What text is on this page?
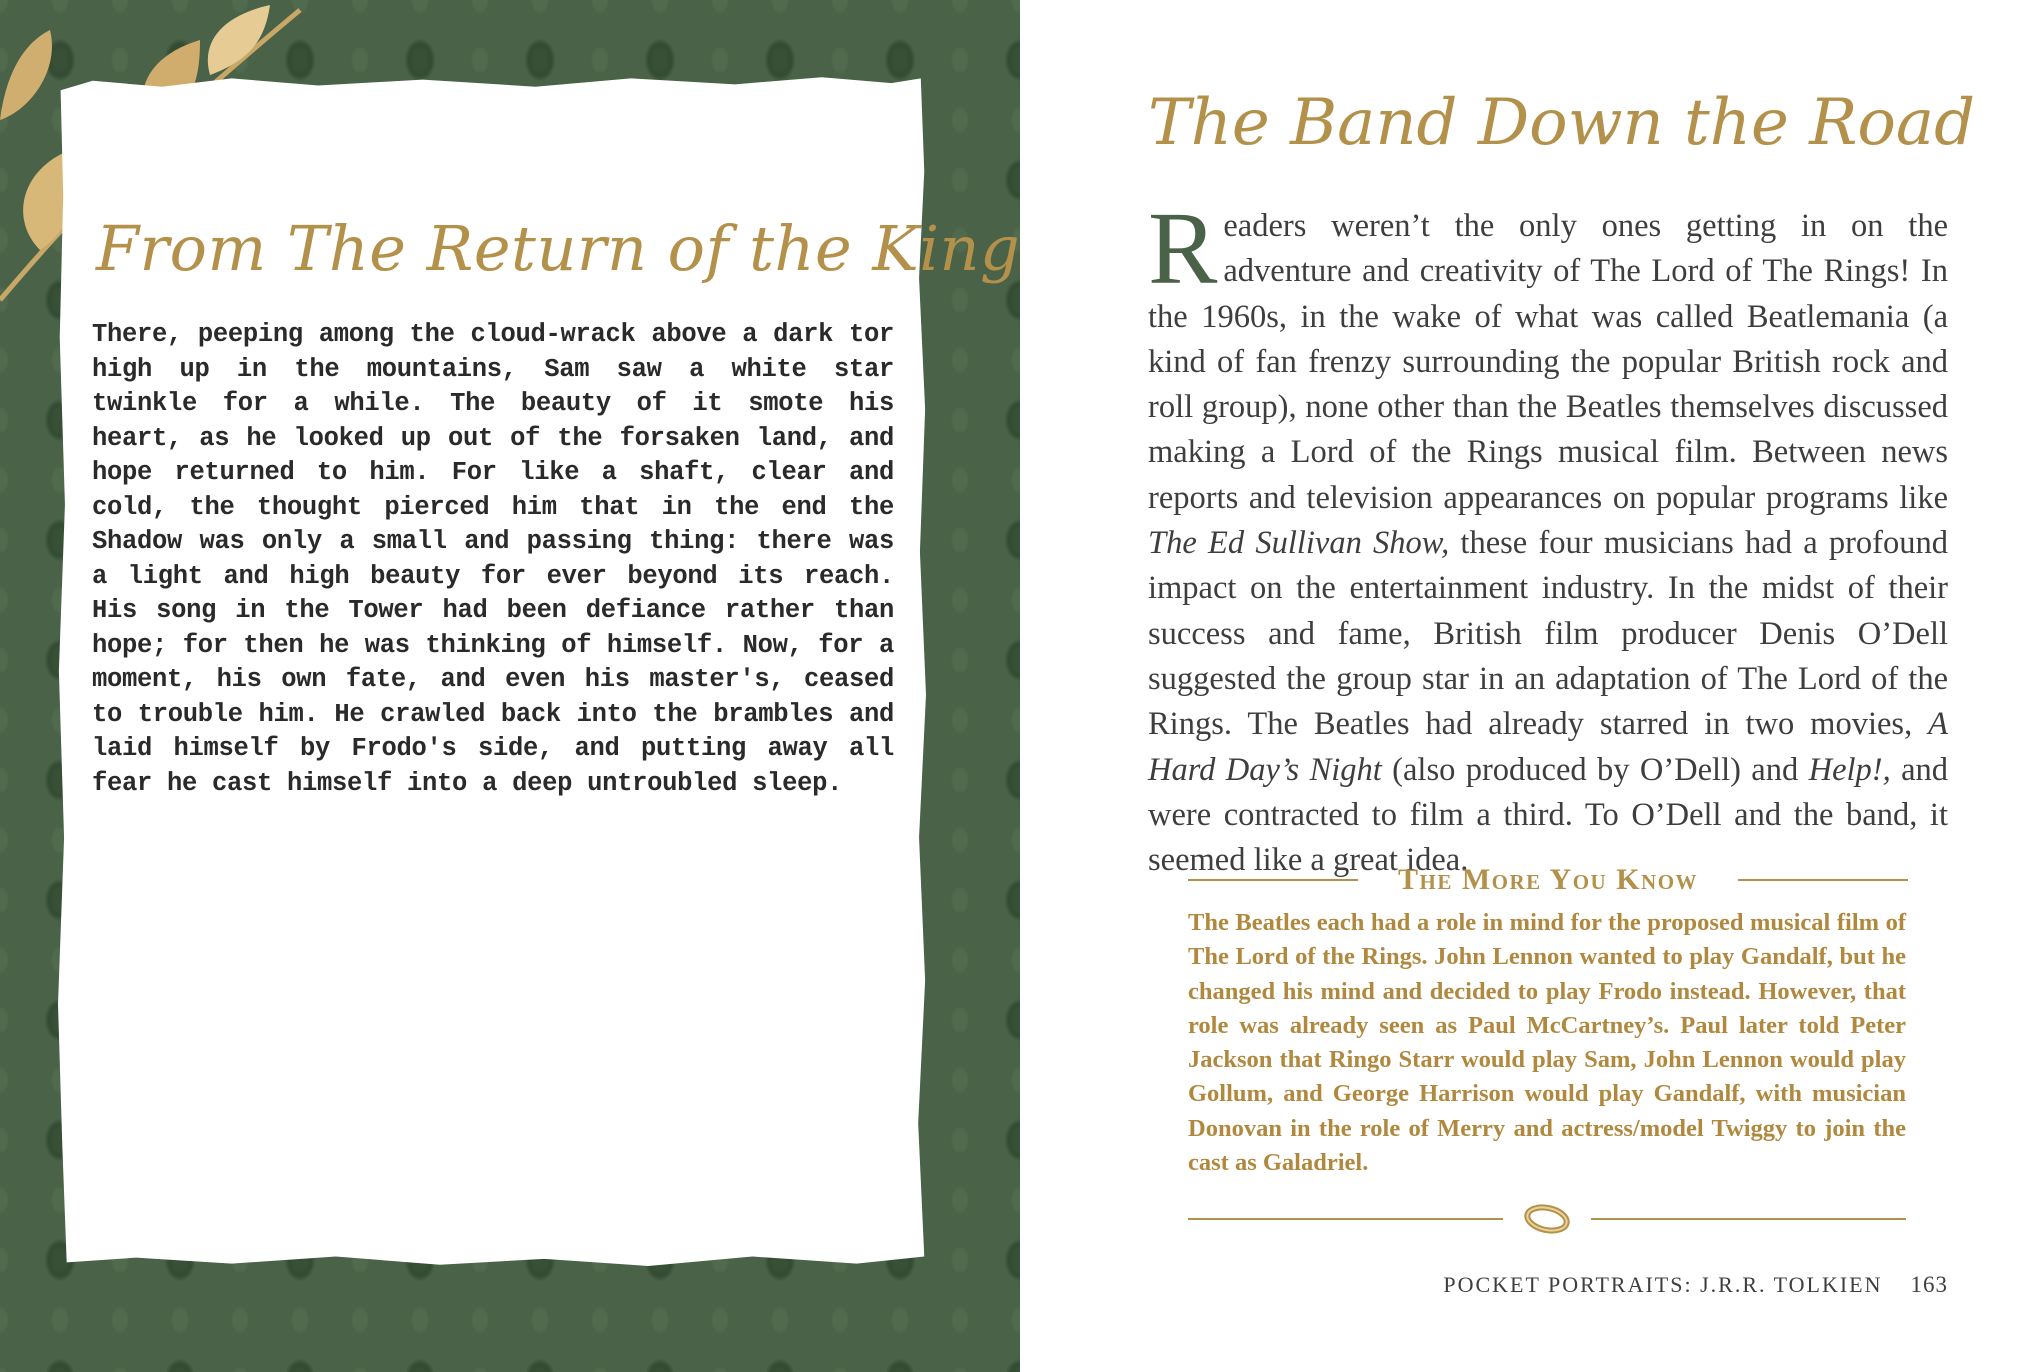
From The Return of the King
There, peeping among the cloud-wrack above a dark tor high up in the mountains, Sam saw a white star twinkle for a while. The beauty of it smote his heart, as he looked up out of the forsaken land, and hope returned to him. For like a shaft, clear and cold, the thought pierced him that in the end the Shadow was only a small and passing thing: there was a light and high beauty for ever beyond its reach. His song in the Tower had been defiance rather than hope; for then he was thinking of himself. Now, for a moment, his own fate, and even his master's, ceased to trouble him. He crawled back into the brambles and laid himself by Frodo's side, and putting away all fear he cast himself into a deep untroubled sleep.
The Band Down the Road
Readers weren’t the only ones getting in on the adventure and creativity of The Lord of The Rings! In the 1960s, in the wake of what was called Beatlemania (a kind of fan frenzy surrounding the popular British rock and roll group), none other than the Beatles themselves discussed making a Lord of the Rings musical film. Between news reports and television appearances on popular programs like The Ed Sullivan Show, these four musicians had a profound impact on the entertainment industry. In the midst of their success and fame, British film producer Denis O’Dell suggested the group star in an adaptation of The Lord of the Rings. The Beatles had already starred in two movies, A Hard Day’s Night (also produced by O’Dell) and Help!, and were contracted to film a third. To O’Dell and the band, it seemed like a great idea.
The More You Know
The Beatles each had a role in mind for the proposed musical film of The Lord of the Rings. John Lennon wanted to play Gandalf, but he changed his mind and decided to play Frodo instead. However, that role was already seen as Paul McCartney’s. Paul later told Peter Jackson that Ringo Starr would play Sam, John Lennon would play Gollum, and George Harrison would play Gandalf, with musician Donovan in the role of Merry and actress/model Twiggy to join the cast as Galadriel.
POCKET PORTRAITS: J.R.R. TOLKIEN 163
